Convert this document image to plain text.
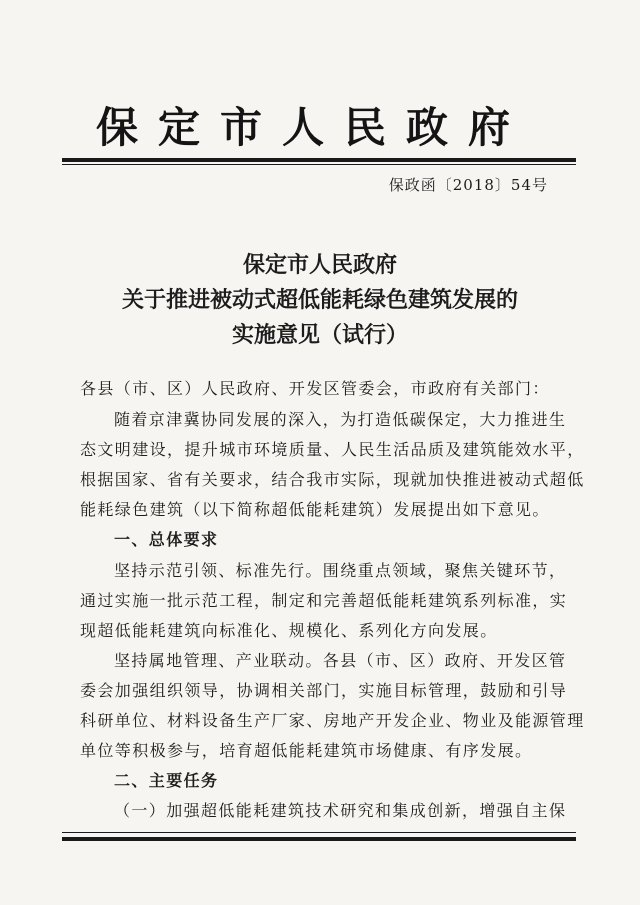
保定市人民政府
保政函〔2018〕54号
保定市人民政府
关于推进被动式超低能耗绿色建筑发展的
实施意见（试行）
各县（市、区）人民政府、开发区管委会，市政府有关部门：
随着京津冀协同发展的深入，为打造低碳保定，大力推进生
态文明建设，提升城市环境质量、人民生活品质及建筑能效水平，
根据国家、省有关要求，结合我市实际，现就加快推进被动式超低
能耗绿色建筑（以下简称超低能耗建筑）发展提出如下意见。
一、总体要求
坚持示范引领、标准先行。围绕重点领域，聚焦关键环节，
通过实施一批示范工程，制定和完善超低能耗建筑系列标准，实
现超低能耗建筑向标准化、规模化、系列化方向发展。
坚持属地管理、产业联动。各县（市、区）政府、开发区管
委会加强组织领导，协调相关部门，实施目标管理，鼓励和引导
科研单位、材料设备生产厂家、房地产开发企业、物业及能源管理
单位等积极参与，培育超低能耗建筑市场健康、有序发展。
二、主要任务
（一）加强超低能耗建筑技术研究和集成创新，增强自主保
